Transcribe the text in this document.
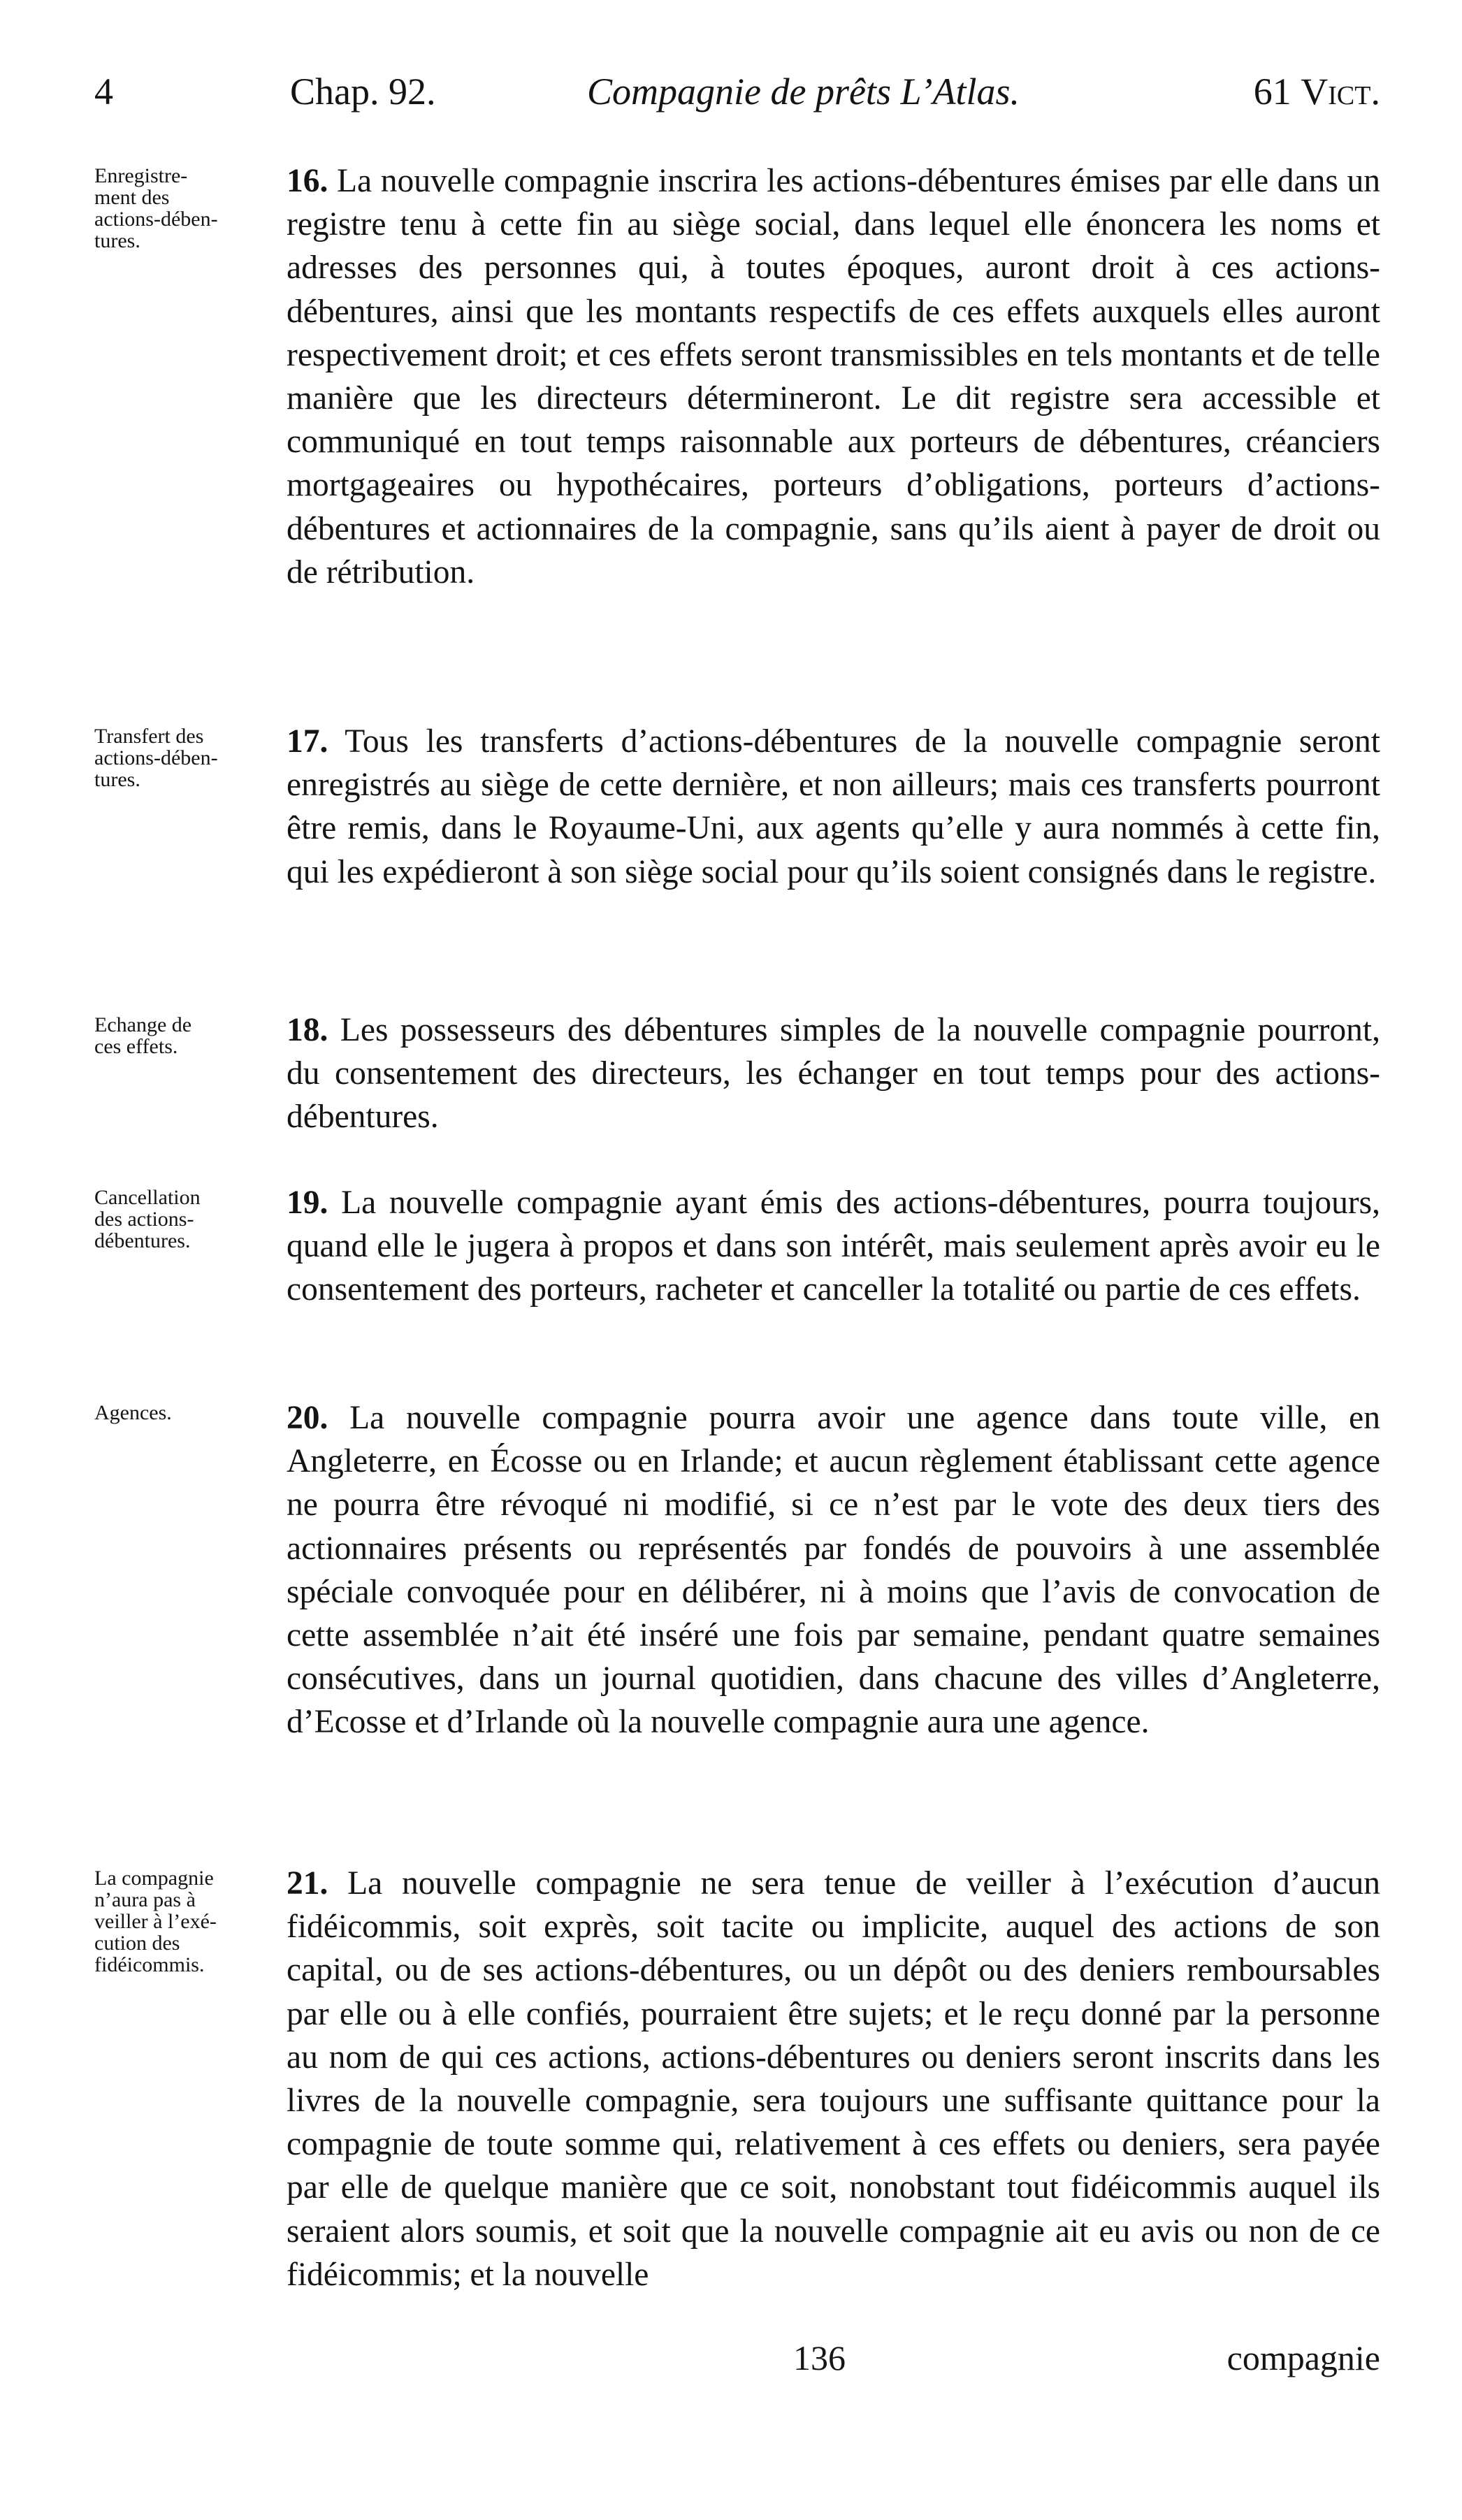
4	Chap. 92.	Compagnie de prêts L’Atlas.	61 Vict.
Enregistre-
ment des
actions-dében-
tures.
16. La nouvelle compagnie inscrira les actions-débentures émises par elle dans un registre tenu à cette fin au siège social, dans lequel elle énoncera les noms et adresses des personnes qui, à toutes époques, auront droit à ces actions-débentures, ainsi que les montants respectifs de ces effets auxquels elles auront respectivement droit; et ces effets seront transmissibles en tels montants et de telle manière que les directeurs détermineront. Le dit registre sera accessible et communiqué en tout temps raisonnable aux porteurs de débentures, créanciers mortgageaires ou hypothécaires, porteurs d’obligations, porteurs d’actions-débentures et actionnaires de la compagnie, sans qu’ils aient à payer de droit ou de rétribution.
Transfert des
actions-dében-
tures.
17. Tous les transferts d’actions-débentures de la nouvelle compagnie seront enregistrés au siège de cette dernière, et non ailleurs; mais ces transferts pourront être remis, dans le Royaume-Uni, aux agents qu’elle y aura nommés à cette fin, qui les expédieront à son siège social pour qu’ils soient consignés dans le registre.
Echange de
ces effets.	18. Les possesseurs des débentures simples de la nouvelle compagnie pourront, du consentement des directeurs, les échanger en tout temps pour des actions-débentures.
Cancellation
des actions-
débentures.
19. La nouvelle compagnie ayant émis des actions-débentures, pourra toujours, quand elle le jugera à propos et dans son intérêt, mais seulement après avoir eu le consentement des porteurs, racheter et canceller la totalité ou partie de ces effets.
Agences.	20. La nouvelle compagnie pourra avoir une agence dans toute ville, en Angleterre, en Écosse ou en Irlande; et aucun règlement établissant cette agence ne pourra être révoqué ni modifié, si ce n’est par le vote des deux tiers des actionnaires présents ou représentés par fondés de pouvoirs à une assemblée spéciale convoquée pour en délibérer, ni à moins que l’avis de convocation de cette assemblée n’ait été inséré une fois par semaine, pendant quatre semaines consécutives, dans un journal quotidien, dans chacune des villes d’Angleterre, d’Ecosse et d’Irlande où la nouvelle compagnie aura une agence.
La compagnie
n’aura pas à
veiller à l’exé-
cution des
fidéicommis.
21. La nouvelle compagnie ne sera tenue de veiller à l’exécution d’aucun fidéicommis, soit exprès, soit tacite ou implicite, auquel des actions de son capital, ou de ses actions-débentures, ou un dépôt ou des deniers remboursables par elle ou à elle confiés, pourraient être sujets; et le reçu donné par la personne au nom de qui ces actions, actions-débentures ou deniers seront inscrits dans les livres de la nouvelle compagnie, sera toujours une suffisante quittance pour la compagnie de toute somme qui, relativement à ces effets ou deniers, sera payée par elle de quelque manière que ce soit, nonobstant tout fidéicommis auquel ils seraient alors soumis, et soit que la nouvelle compagnie ait eu avis ou non de ce fidéicommis; et la nouvelle
136	compagnie
